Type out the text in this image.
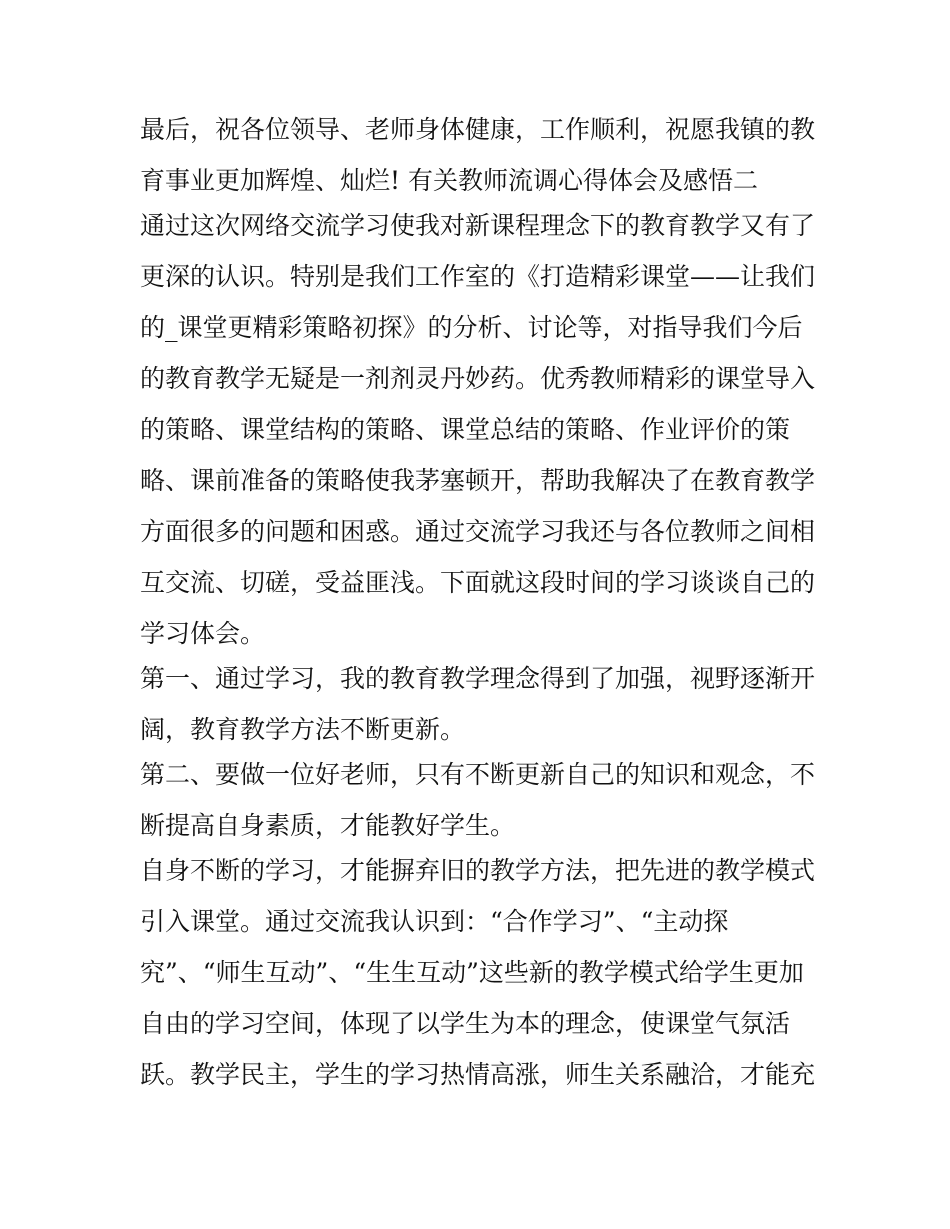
最后，祝各位领导、老师身体健康，工作顺利，祝愿我镇的教
育事业更加辉煌、灿烂! 有关教师流调心得体会及感悟二
通过这次网络交流学习使我对新课程理念下的教育教学又有了
更深的认识。特别是我们工作室的《打造精彩课堂——让我们
的_课堂更精彩策略初探》的分析、讨论等，对指导我们今后
的教育教学无疑是一剂剂灵丹妙药。优秀教师精彩的课堂导入
的策略、课堂结构的策略、课堂总结的策略、作业评价的策
略、课前准备的策略使我茅塞顿开，帮助我解决了在教育教学
方面很多的问题和困惑。通过交流学习我还与各位教师之间相
互交流、切磋，受益匪浅。下面就这段时间的学习谈谈自己的
学习体会。
第一、通过学习，我的教育教学理念得到了加强，视野逐渐开
阔，教育教学方法不断更新。
第二、要做一位好老师，只有不断更新自己的知识和观念，不
断提高自身素质，才能教好学生。
自身不断的学习，才能摒弃旧的教学方法，把先进的教学模式
引入课堂。通过交流我认识到：“合作学习”、“主动探
究”、“师生互动”、“生生互动”这些新的教学模式给学生更加
自由的学习空间，体现了以学生为本的理念，使课堂气氛活
跃。教学民主，学生的学习热情高涨，师生关系融洽，才能充
